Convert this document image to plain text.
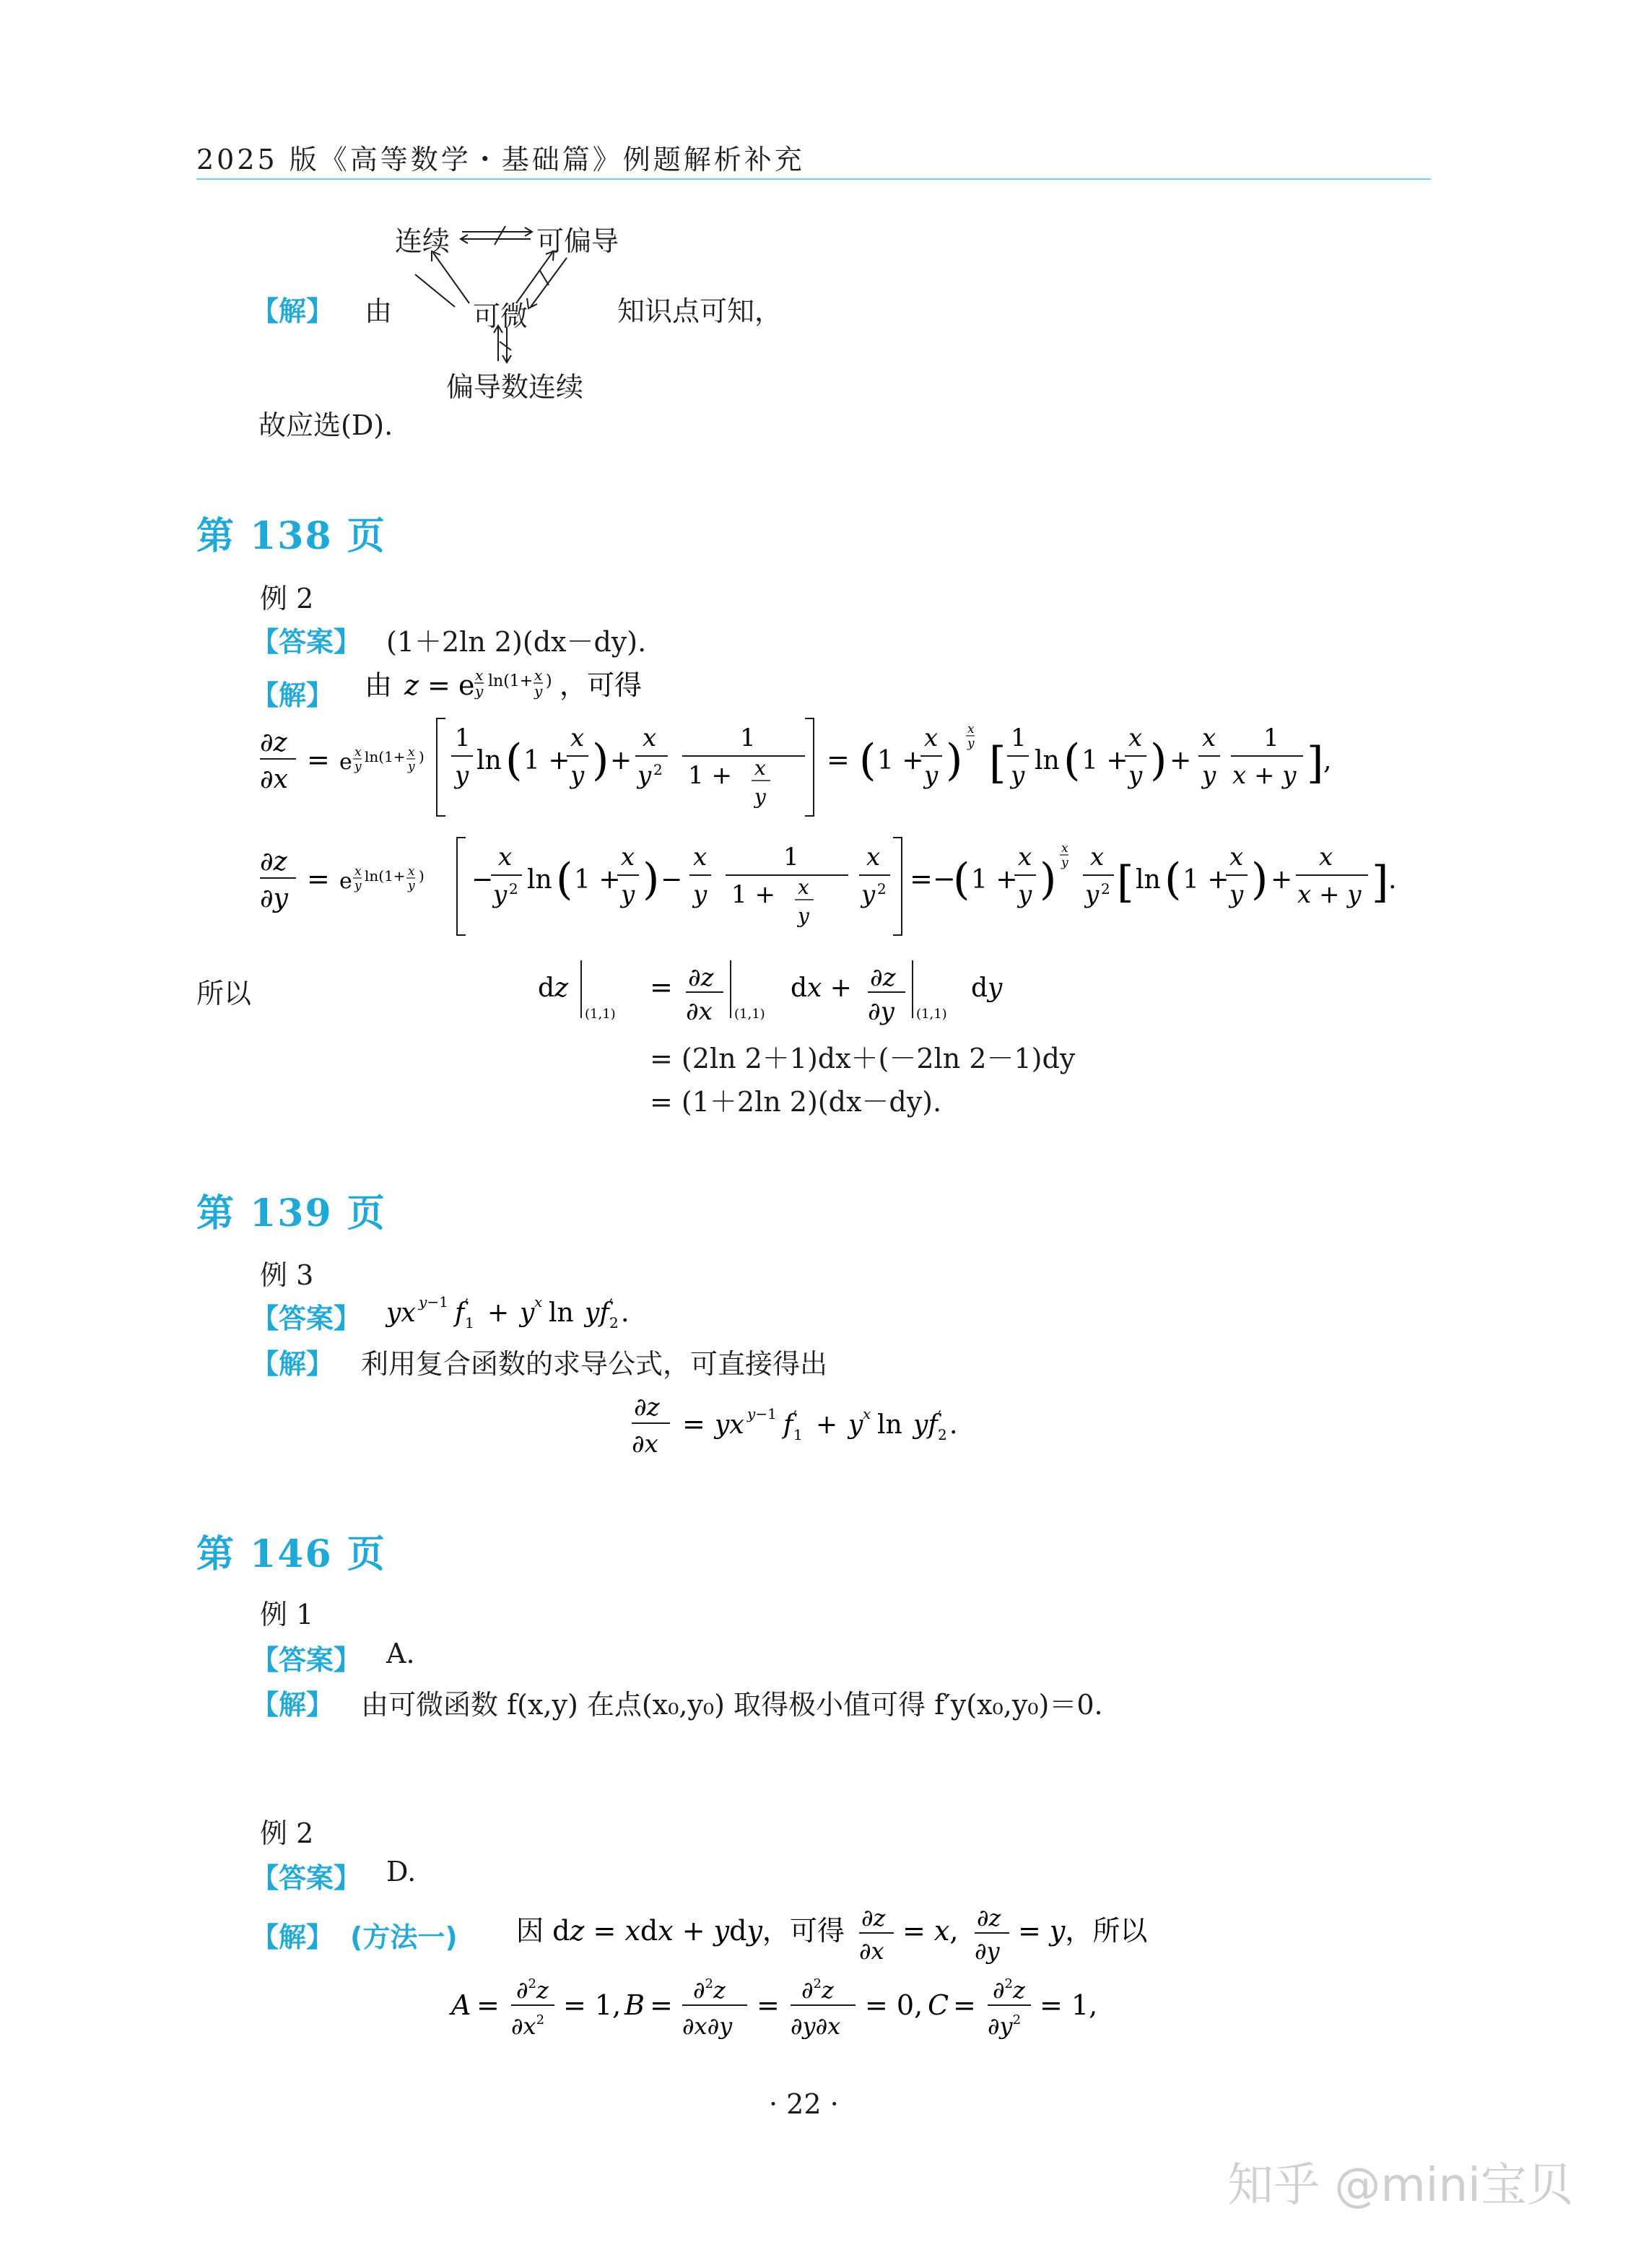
2025 版《高等数学・基础篇》例题解析补充
连续	可偏导
可微
偏导数连续
【解】 由	知识点可知，
故应选(D).
第 138 页
例 2
【答案】 (1＋2ln 2)(dx－dy).
【解】 由 z = e x
y
ln(1+ x
y
) ，可得
∂z
∂x
= e x
y
ln(1+ x
y
)
1
y ln ( 1 +
x
y ) +
x
y 2
1
1 + x
y
= ( 1 +
x
y )
x
y [ 1
y ln ( 1 +
x
y ) +
x
y
1
x + y ] ,
∂z
∂y
= e x
y
ln(1+ x
y
) −
x
y 2 ln ( 1 +
x
y ) −
x
y
1
1 + x
y
x
y 2 =−
( 1 +
x
y )
x
y x
y 2 [ ln ( 1 +
x
y ) +
x
x + y ] .
所以	dz
(1,1)
= ∂z
∂x (1,1)
dx + ∂z
∂y (1,1)
dy
= (2ln 2＋1)dx＋(－2ln 2－1)dy
= (1＋2ln 2)(dx－dy).
第 139 页
例 3
【答案】 yx y−1 f ′
1 + y x ln yf ′
2 .
【解】 利用复合函数的求导公式，可直接得出
∂z
∂x
= yx y−1 f ′
1 + y x ln yf ′
2 .
第 146 页
例 1
【答案】 A.
【解】 由可微函数 f(x,y) 在点(x₀,y₀) 取得极小值可得 f′y(x₀,y₀)＝0.
例 2
【答案】 D.
【解】 (方法一) 因 dz = xdx + ydy，可得 ∂z
∂x
= x, ∂z
∂y
= y，所以
A = ∂$^2$z
$\partial x^2 = 1$, B = ∂$^2$z
∂x∂y
= ∂$^2$z
∂y∂x
= 0, C = ∂$^2$z
$\partial y^2 = 1$,
· 22 ·
知乎 @mini宝贝
